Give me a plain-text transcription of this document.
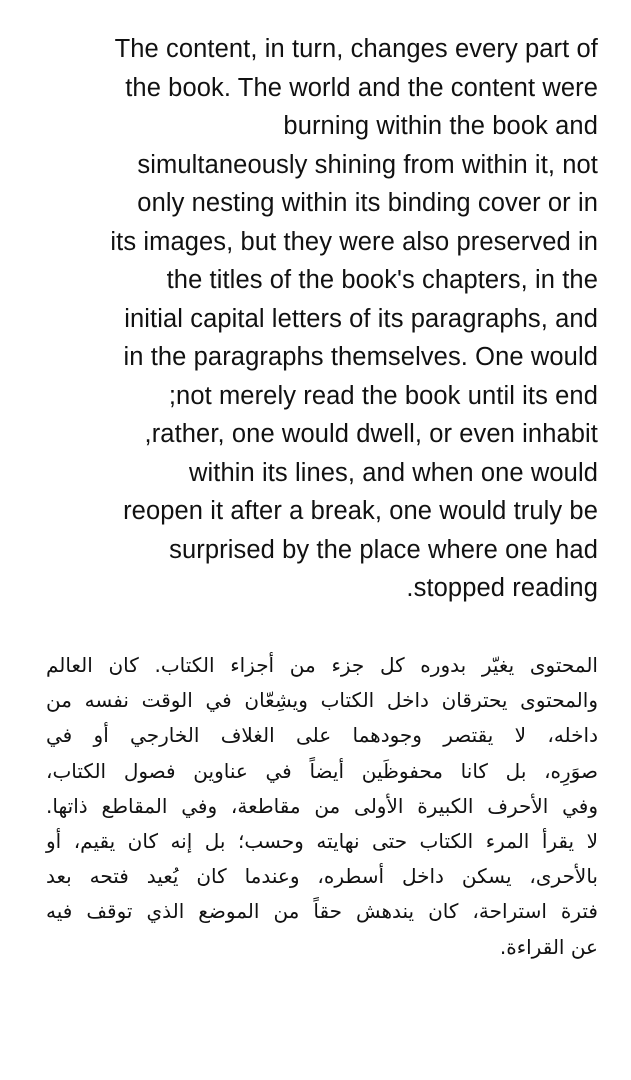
The content, in turn, changes every part of
the book. The world and the content were
burning within the book and
simultaneously shining from within it, not
only nesting within its binding cover or in
its images, but they were also preserved in
the titles of the book's chapters, in the
initial capital letters of its paragraphs, and
in the paragraphs themselves. One would
not merely read the book until its end;
rather, one would dwell, or even inhabit,
within its lines, and when one would
reopen it after a break, one would truly be
surprised by the place where one had
stopped reading.
المحتوى يغيّر بدوره كل جزء من أجزاء الكتاب. كان العالم
والمحتوى يحترقان داخل الكتاب ويشِعّان في الوقت نفسه من
داخله، لا يقتصر وجودهما على الغلاف الخارجي أو في
صوَرِه، بل كانا محفوظَين أيضاً في عناوين فصول الكتاب،
وفي الأحرف الكبيرة الأولى من مقاطعة، وفي المقاطع ذاتها.
لا يقرأ المرء الكتاب حتى نهايته وحسب؛ بل إنه كان يقيم، أو
بالأحرى، يسكن داخل أسطره، وعندما كان يُعيد فتحه بعد
فترة استراحة، كان يندهش حقاً من الموضع الذي توقف فيه
عن القراءة.
